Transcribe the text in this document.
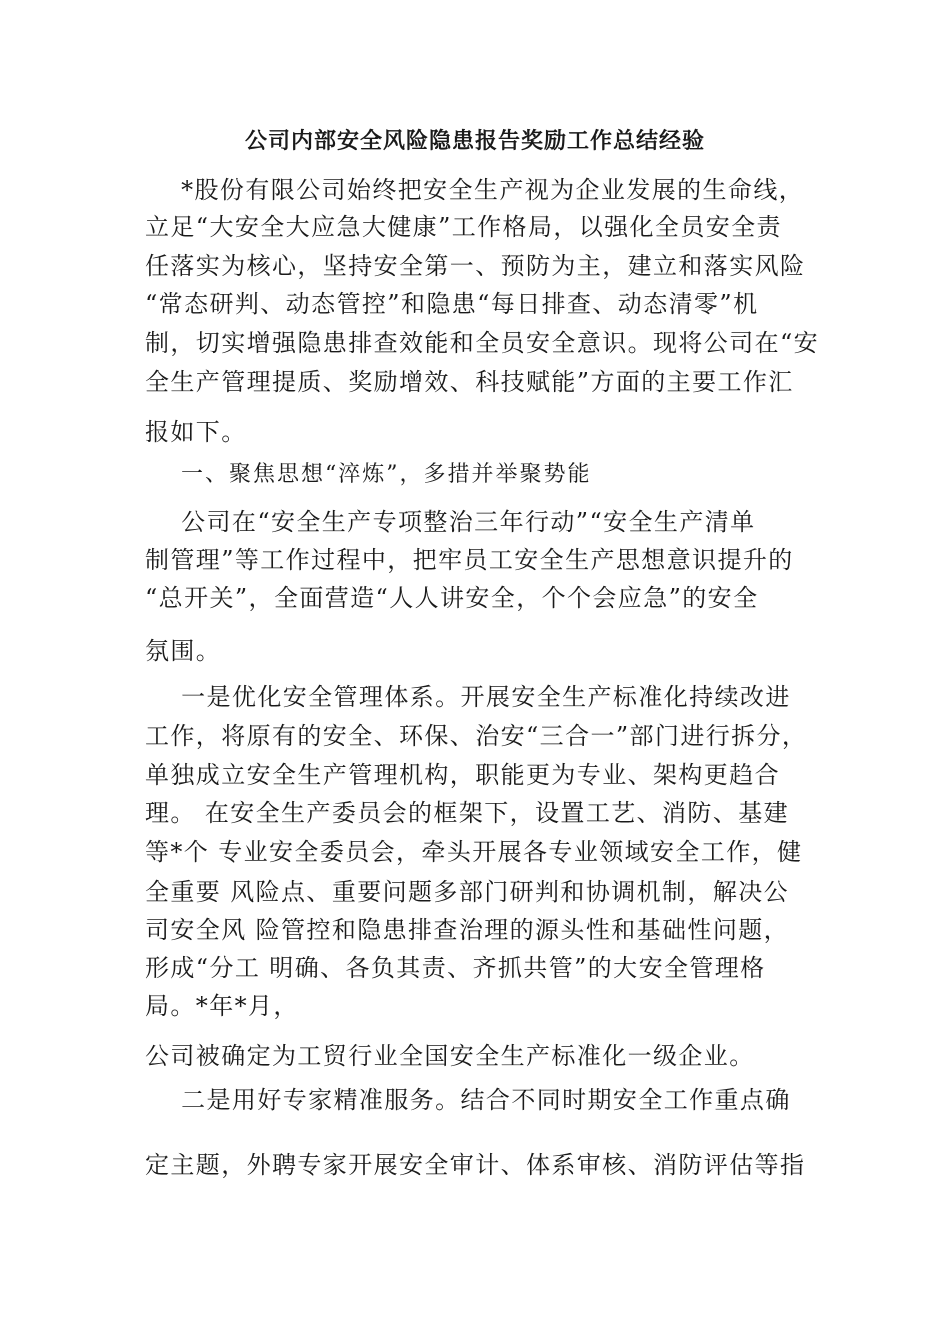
公司内部安全风险隐患报告奖励工作总结经验
*股份有限公司始终把安全生产视为企业发展的生命线，
立足“大安全大应急大健康”工作格局，以强化全员安全责
任落实为核心，坚持安全第一、预防为主，建立和落实风险
“常态研判、动态管控”和隐患“每日排查、动态清零”机
制，切实增强隐患排查效能和全员安全意识。现将公司在“安
全生产管理提质、奖励增效、科技赋能”方面的主要工作汇
报如下。
一、聚焦思想“淬炼”，多措并举聚势能
公司在“安全生产专项整治三年行动”“安全生产清单
制管理”等工作过程中，把牢员工安全生产思想意识提升的
“总开关”，全面营造“人人讲安全，个个会应急”的安全
氛围。
一是优化安全管理体系。开展安全生产标准化持续改进
工作，将原有的安全、环保、治安“三合一”部门进行拆分，
单独成立安全生产管理机构，职能更为专业、架构更趋合
理。 在安全生产委员会的框架下，设置工艺、消防、基建
等*个 专业安全委员会，牵头开展各专业领域安全工作，健
全重要 风险点、重要问题多部门研判和协调机制，解决公
司安全风 险管控和隐患排查治理的源头性和基础性问题，
形成“分工 明确、各负其责、齐抓共管”的大安全管理格
局。*年*月，
公司被确定为工贸行业全国安全生产标准化一级企业。
二是用好专家精准服务。结合不同时期安全工作重点确
定主题，外聘专家开展安全审计、体系审核、消防评估等指
